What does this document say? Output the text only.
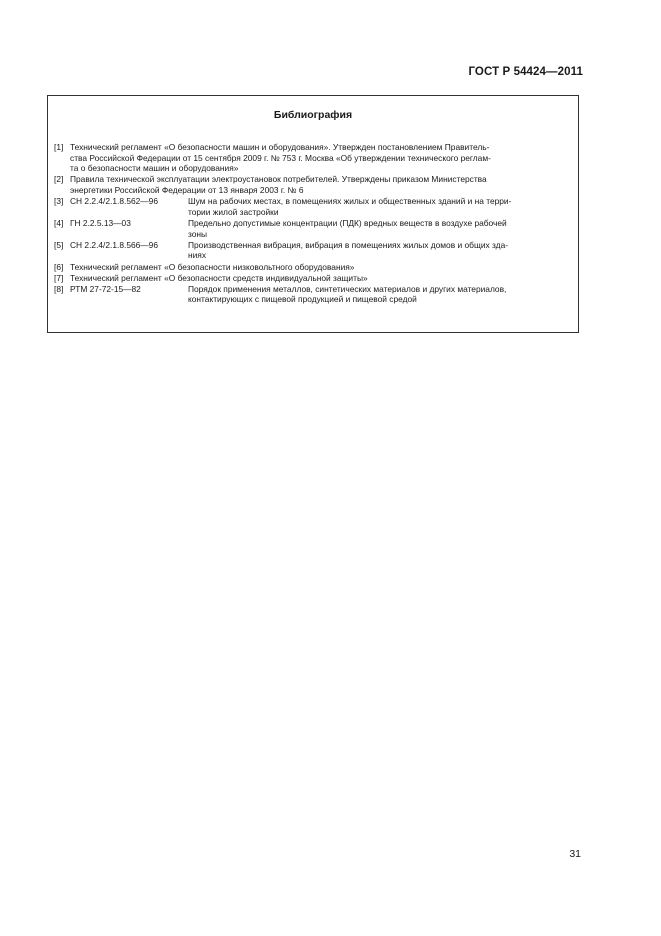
ГОСТ Р 54424—2011
Библиография
[1] Технический регламент «О безопасности машин и оборудования». Утвержден постановлением Правитель-
ства Российской Федерации от 15 сентября 2009 г. № 753 г. Москва «Об утверждении технического реглам-
та о безопасности машин и оборудования»
[2] Правила технической эксплуатации электроустановок потребителей. Утверждены приказом Министерства
энергетики Российской Федерации от 13 января 2003 г. № 6
[3] СН 2.2.4/2.1.8.562—96	Шум на рабочих местах, в помещениях жилых и общественных зданий и на терри-
тории жилой застройки
[4] ГН 2.2.5.13—03	Предельно допустимые концентрации (ПДК) вредных веществ в воздухе рабочей
зоны
[5] СН 2.2.4/2.1.8.566—96	Производственная вибрация, вибрация в помещениях жилых домов и общих зда-
ниях
[6] Технический регламент «О безопасности низковольтного оборудования»
[7] Технический регламент «О безопасности средств индивидуальной защиты»
[8] РТМ 27-72-15—82	Порядок применения металлов, синтетических материалов и других материалов,
контактирующих с пищевой продукцией и пищевой средой
31
